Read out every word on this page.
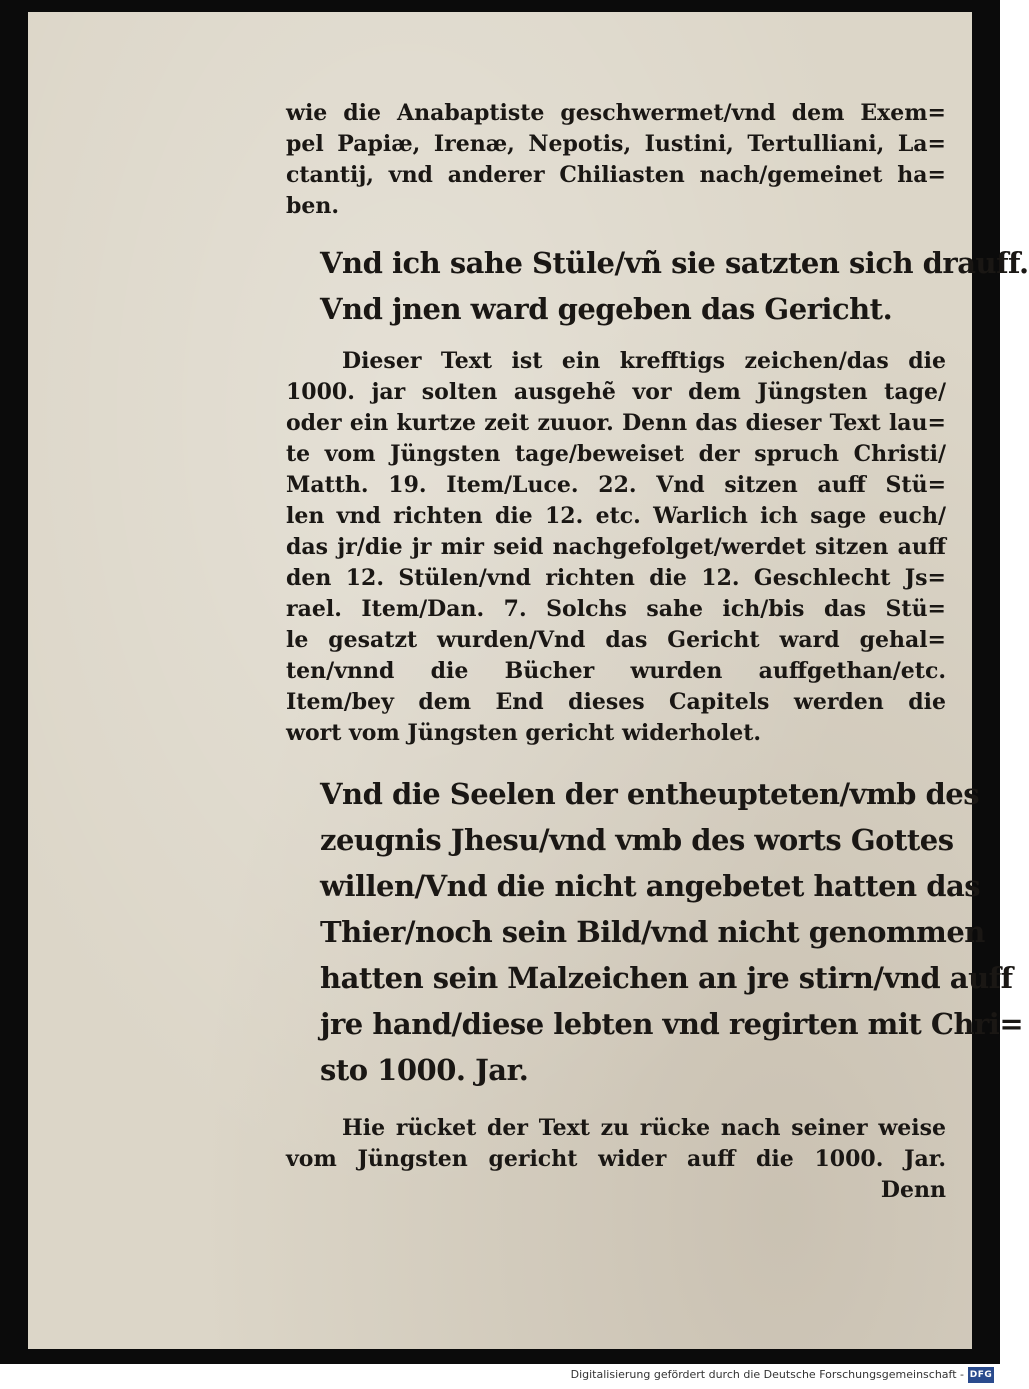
wie die Anabaptiste geschwermet/vnd dem Exem=
pel Papiæ, Irenæ, Nepotis, Iustini, Tertulliani, La=
ctantij, vnd anderer Chiliasten nach/gemeinet ha=
ben.
Vnd ich sahe Stüle/vñ sie satzten sich drauff.
Vnd jnen ward gegeben das Gericht.
Dieser Text ist ein krefftigs zeichen/das die
1000. jar solten ausgehẽ vor dem Jüngsten tage/
oder ein kurtze zeit zuuor. Denn das dieser Text lau=
te vom Jüngsten tage/beweiset der spruch Christi/
Matth. 19. Item/Luce. 22. Vnd sitzen auff Stü=
len vnd richten die 12. etc. Warlich ich sage euch/
das jr/die jr mir seid nachgefolget/werdet sitzen auff
den 12. Stülen/vnd richten die 12. Geschlecht Js=
rael. Item/Dan. 7. Solchs sahe ich/bis das Stü=
le gesatzt wurden/Vnd das Gericht ward gehal=
ten/vnnd die Bücher wurden auffgethan/etc.
Item/bey dem End dieses Capitels werden die
wort vom Jüngsten gericht widerholet.
Vnd die Seelen der entheupteten/vmb des
zeugnis Jhesu/vnd vmb des worts Gottes
willen/Vnd die nicht angebetet hatten das
Thier/noch sein Bild/vnd nicht genommen
hatten sein Malzeichen an jre stirn/vnd auff
jre hand/diese lebten vnd regirten mit Chri=
sto 1000. Jar.
Hie rücket der Text zu rücke nach seiner weise
vom Jüngsten gericht wider auff die 1000. Jar.
Denn
Digitalisierung gefördert durch die Deutsche Forschungsgemeinschaft - DFG
